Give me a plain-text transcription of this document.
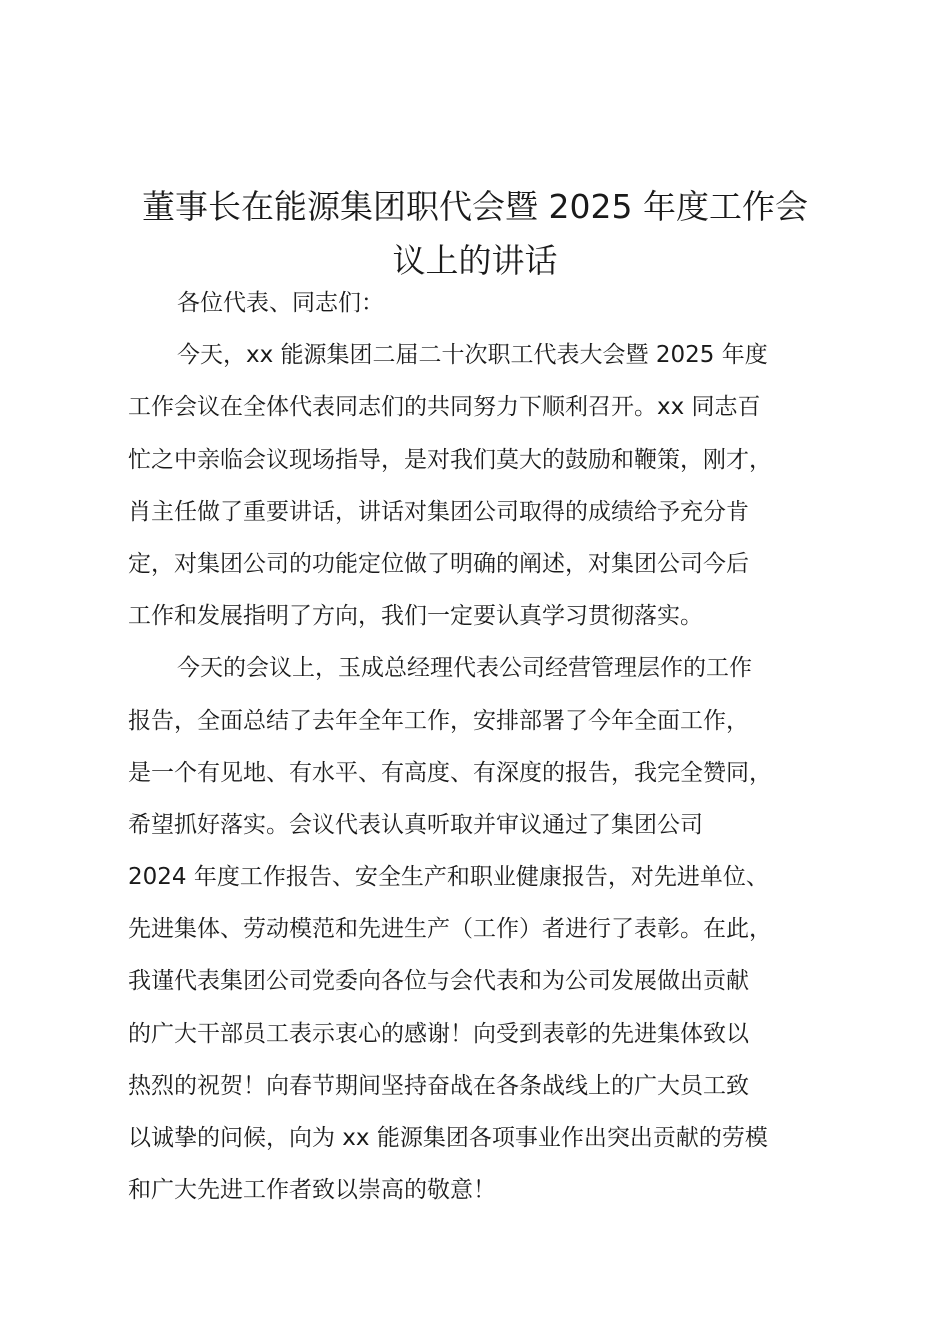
董事长在能源集团职代会暨 2025 年度工作会
议上的讲话
各位代表、同志们：
今天，xx 能源集团二届二十次职工代表大会暨 2025 年度
工作会议在全体代表同志们的共同努力下顺利召开。xx 同志百
忙之中亲临会议现场指导，是对我们莫大的鼓励和鞭策，刚才，
肖主任做了重要讲话，讲话对集团公司取得的成绩给予充分肯
定，对集团公司的功能定位做了明确的阐述，对集团公司今后
工作和发展指明了方向，我们一定要认真学习贯彻落实。
今天的会议上，玉成总经理代表公司经营管理层作的工作
报告，全面总结了去年全年工作，安排部署了今年全面工作，
是一个有见地、有水平、有高度、有深度的报告，我完全赞同，
希望抓好落实。会议代表认真听取并审议通过了集团公司
2024 年度工作报告、安全生产和职业健康报告，对先进单位、
先进集体、劳动模范和先进生产（工作）者进行了表彰。在此，
我谨代表集团公司党委向各位与会代表和为公司发展做出贡献
的广大干部员工表示衷心的感谢！向受到表彰的先进集体致以
热烈的祝贺！向春节期间坚持奋战在各条战线上的广大员工致
以诚挚的问候，向为 xx 能源集团各项事业作出突出贡献的劳模
和广大先进工作者致以崇高的敬意！
